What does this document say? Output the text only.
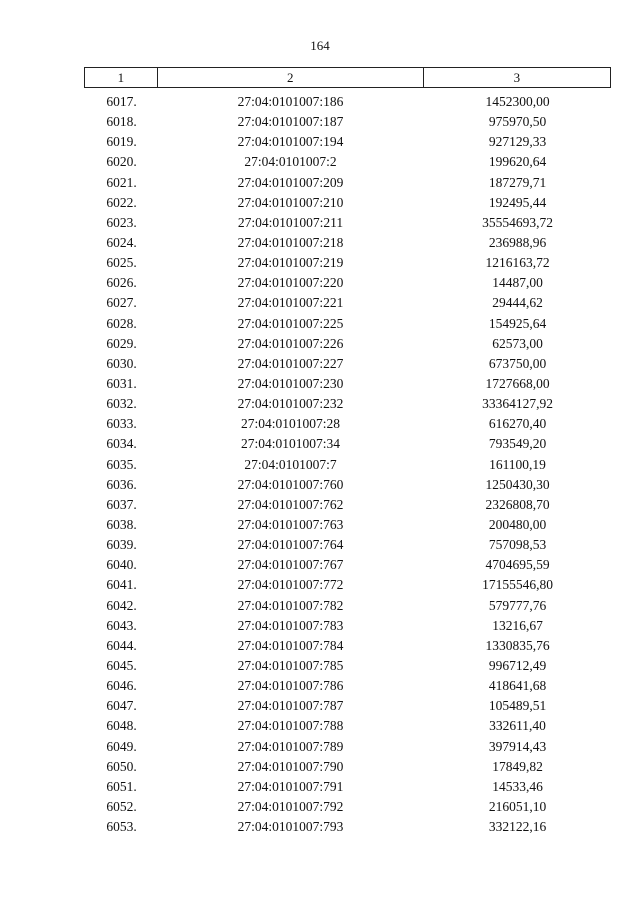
164
1	2	3
6017.	27:04:0101007:186	1452300,00
6018.	27:04:0101007:187	975970,50
6019.	27:04:0101007:194	927129,33
6020.	27:04:0101007:2	199620,64
6021.	27:04:0101007:209	187279,71
6022.	27:04:0101007:210	192495,44
6023.	27:04:0101007:211	35554693,72
6024.	27:04:0101007:218	236988,96
6025.	27:04:0101007:219	1216163,72
6026.	27:04:0101007:220	14487,00
6027.	27:04:0101007:221	29444,62
6028.	27:04:0101007:225	154925,64
6029.	27:04:0101007:226	62573,00
6030.	27:04:0101007:227	673750,00
6031.	27:04:0101007:230	1727668,00
6032.	27:04:0101007:232	33364127,92
6033.	27:04:0101007:28	616270,40
6034.	27:04:0101007:34	793549,20
6035.	27:04:0101007:7	161100,19
6036.	27:04:0101007:760	1250430,30
6037.	27:04:0101007:762	2326808,70
6038.	27:04:0101007:763	200480,00
6039.	27:04:0101007:764	757098,53
6040.	27:04:0101007:767	4704695,59
6041.	27:04:0101007:772	17155546,80
6042.	27:04:0101007:782	579777,76
6043.	27:04:0101007:783	13216,67
6044.	27:04:0101007:784	1330835,76
6045.	27:04:0101007:785	996712,49
6046.	27:04:0101007:786	418641,68
6047.	27:04:0101007:787	105489,51
6048.	27:04:0101007:788	332611,40
6049.	27:04:0101007:789	397914,43
6050.	27:04:0101007:790	17849,82
6051.	27:04:0101007:791	14533,46
6052.	27:04:0101007:792	216051,10
6053.	27:04:0101007:793	332122,16
